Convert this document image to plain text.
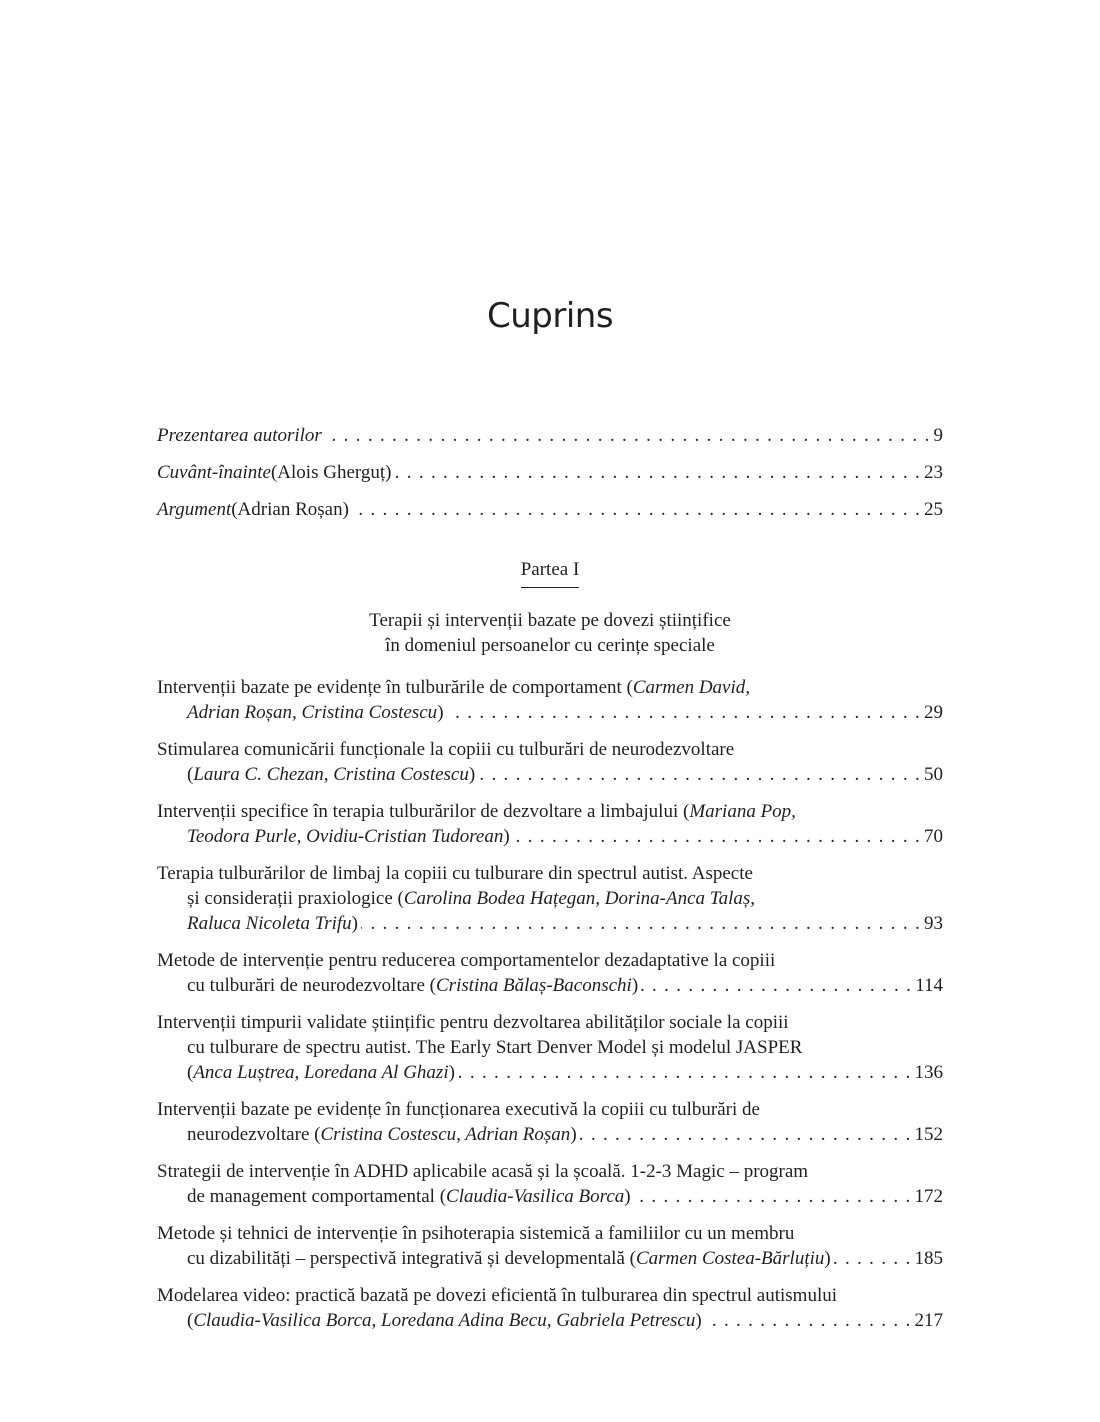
Cuprins
Prezentarea autorilor . . .	9
Cuvânt-înainte (Alois Gherguț) . . .	23
Argument (Adrian Roșan) . . .	25
Partea I
Terapii și intervenții bazate pe dovezi științifice
în domeniul persoanelor cu cerințe speciale
Intervenții bazate pe evidențe în tulburările de comportament ( Carmen David,
Adrian Roșan, Cristina Costescu ) . . .	29
Stimularea comunicării funcționale la copiii cu tulburări de neurodezvoltare
( Laura C. Chezan, Cristina Costescu ) . . .	50
Intervenții specifice în terapia tulburărilor de dezvoltare a limbajului ( Mariana Pop,
Teodora Purle, Ovidiu-Cristian Tudorean ) . . .	70
Terapia tulburărilor de limbaj la copiii cu tulburare din spectrul autist. Aspecte
și considerații praxiologice ( Carolina Bodea Hațegan, Dorina-Anca Talaș,
Raluca Nicoleta Trifu ) . . .	93
Metode de intervenție pentru reducerea comportamentelor dezadaptative la copiii
cu tulburări de neurodezvoltare ( Cristina Bălaș-Baconschi ) . . .	114
Intervenții timpurii validate științific pentru dezvoltarea abilităților sociale la copiii
cu tulburare de spectru autist. The Early Start Denver Model și modelul JASPER
( Anca Luștrea, Loredana Al Ghazi ) . . .	136
Intervenții bazate pe evidențe în funcționarea executivă la copiii cu tulburări de
neurodezvoltare ( Cristina Costescu, Adrian Roșan ) . . .	152
Strategii de intervenție în ADHD aplicabile acasă și la școală. 1-2-3 Magic – program
de management comportamental ( Claudia-Vasilica Borca ) . . .	172
Metode și tehnici de intervenție în psihoterapia sistemică a familiilor cu un membru
cu dizabilități – perspectivă integrativă și developmentală ( Carmen Costea-Bărluțiu ) . . .	185
Modelarea video: practică bazată pe dovezi eficientă în tulburarea din spectrul autismului
( Claudia-Vasilica Borca, Loredana Adina Becu, Gabriela Petrescu ) . . .	217
